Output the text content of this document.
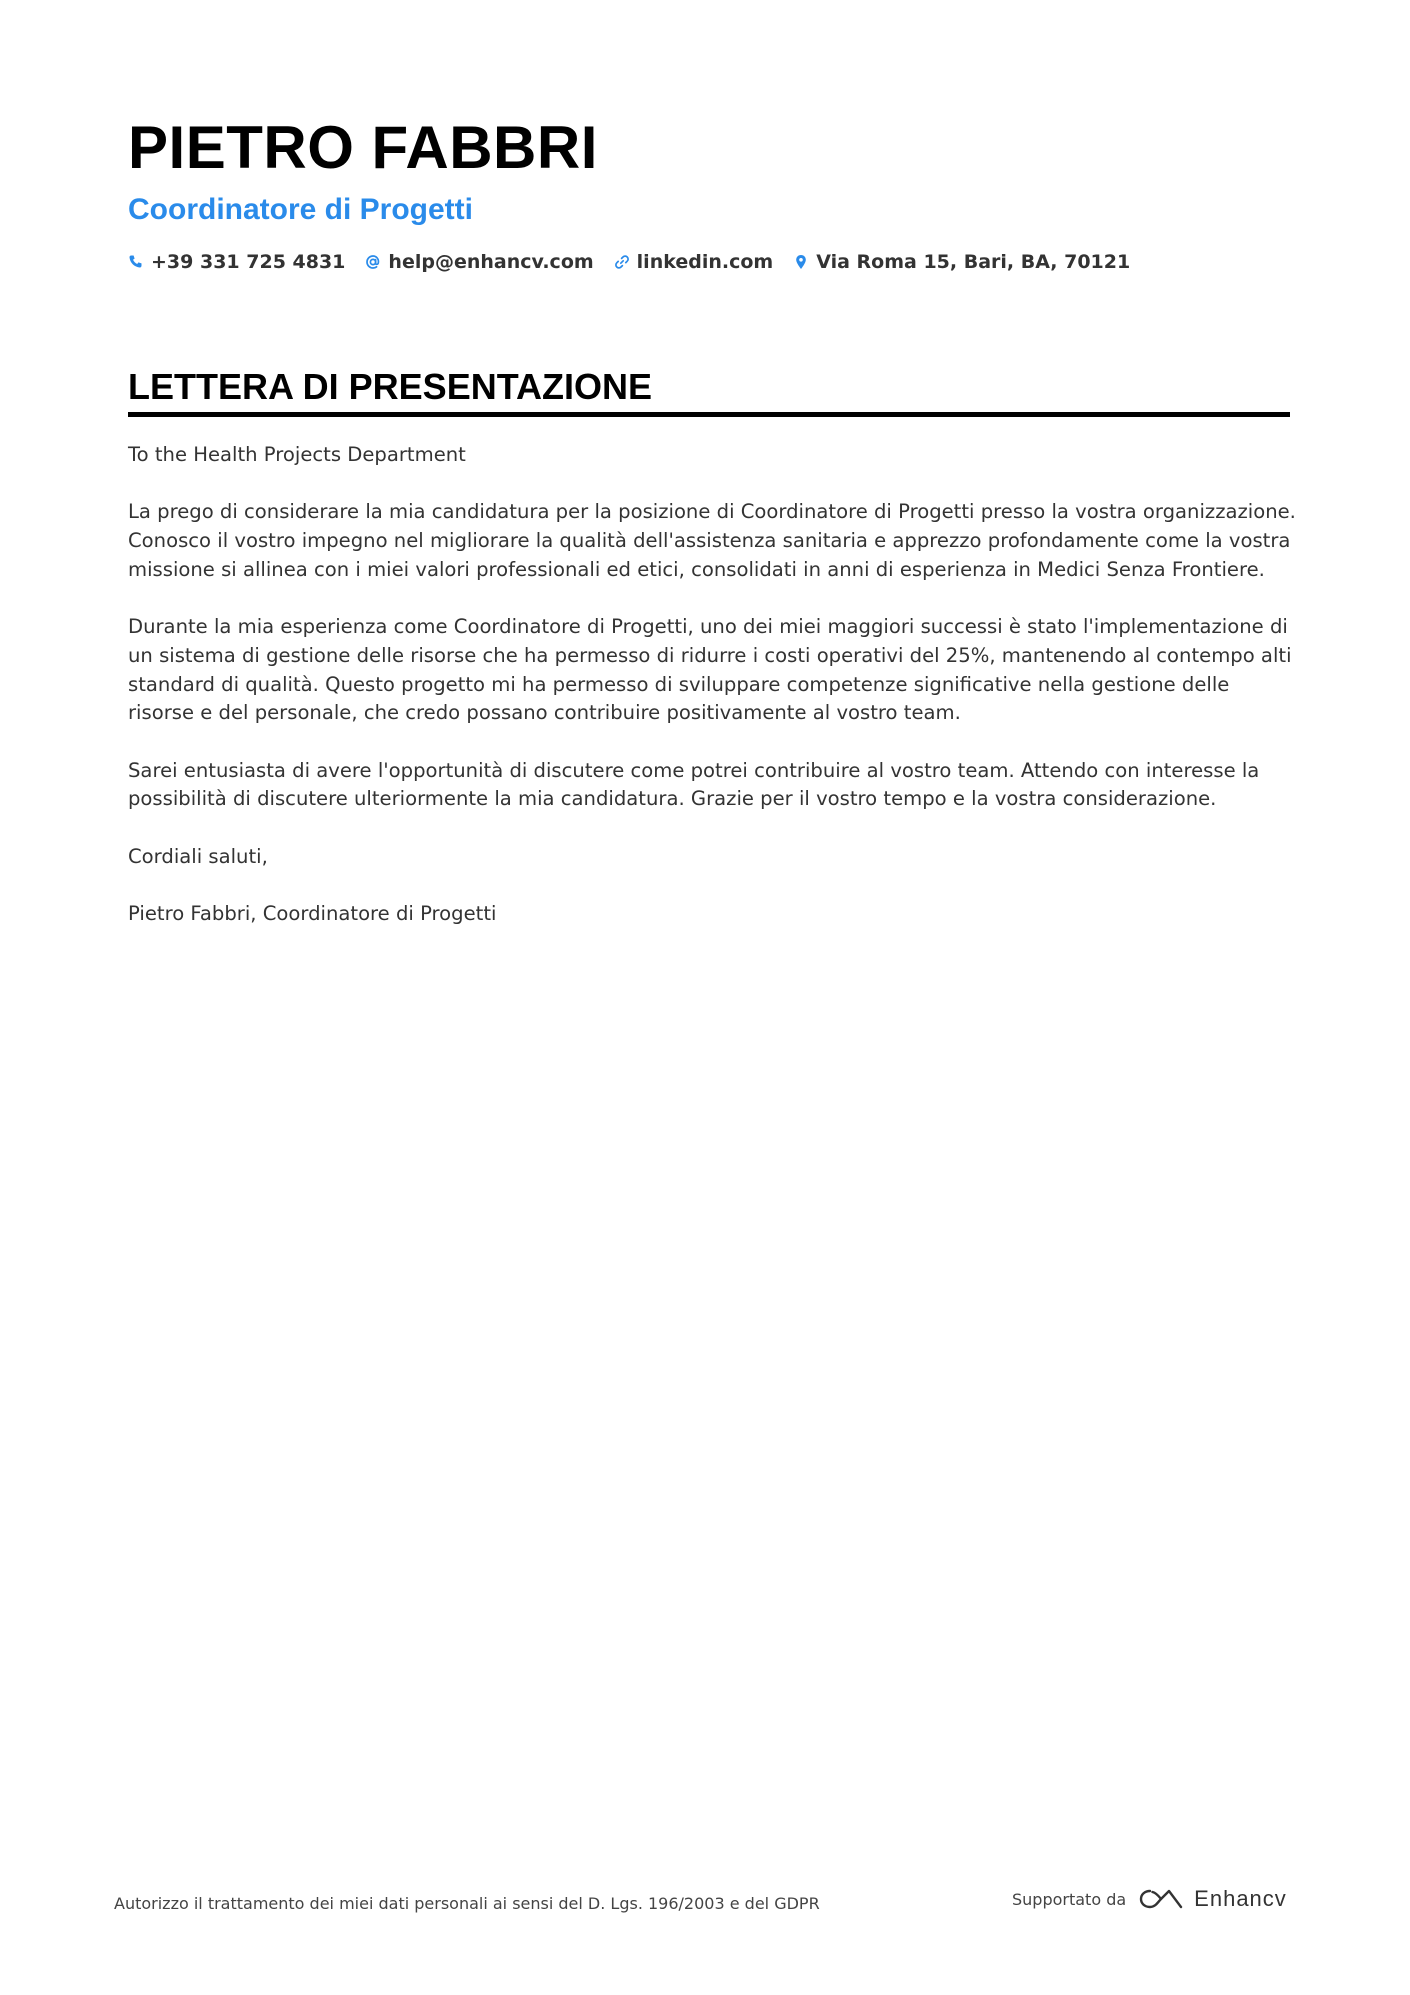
PIETRO FABBRI
Coordinatore di Progetti
+39 331 725 4831 help@enhancv.com linkedin.com Via Roma 15, Bari, BA, 70121
LETTERA DI PRESENTAZIONE

To the Health Projects Department

La prego di considerare la mia candidatura per la posizione di Coordinatore di Progetti presso la vostra organizzazione. Conosco il vostro impegno nel migliorare la qualità dell'assistenza sanitaria e apprezzo profondamente come la vostra missione si allinea con i miei valori professionali ed etici, consolidati in anni di esperienza in Medici Senza Frontiere.

Durante la mia esperienza come Coordinatore di Progetti, uno dei miei maggiori successi è stato l'implementazione di un sistema di gestione delle risorse che ha permesso di ridurre i costi operativi del 25%, mantenendo al contempo alti standard di qualità. Questo progetto mi ha permesso di sviluppare competenze significative nella gestione delle risorse e del personale, che credo possano contribuire positivamente al vostro team.

Sarei entusiasta di avere l'opportunità di discutere come potrei contribuire al vostro team. Attendo con interesse la possibilità di discutere ulteriormente la mia candidatura. Grazie per il vostro tempo e la vostra considerazione.

Cordiali saluti,

Pietro Fabbri, Coordinatore di Progetti

Autorizzo il trattamento dei miei dati personali ai sensi del D. Lgs. 196/2003 e del GDPR	Supportato da	Enhancv
